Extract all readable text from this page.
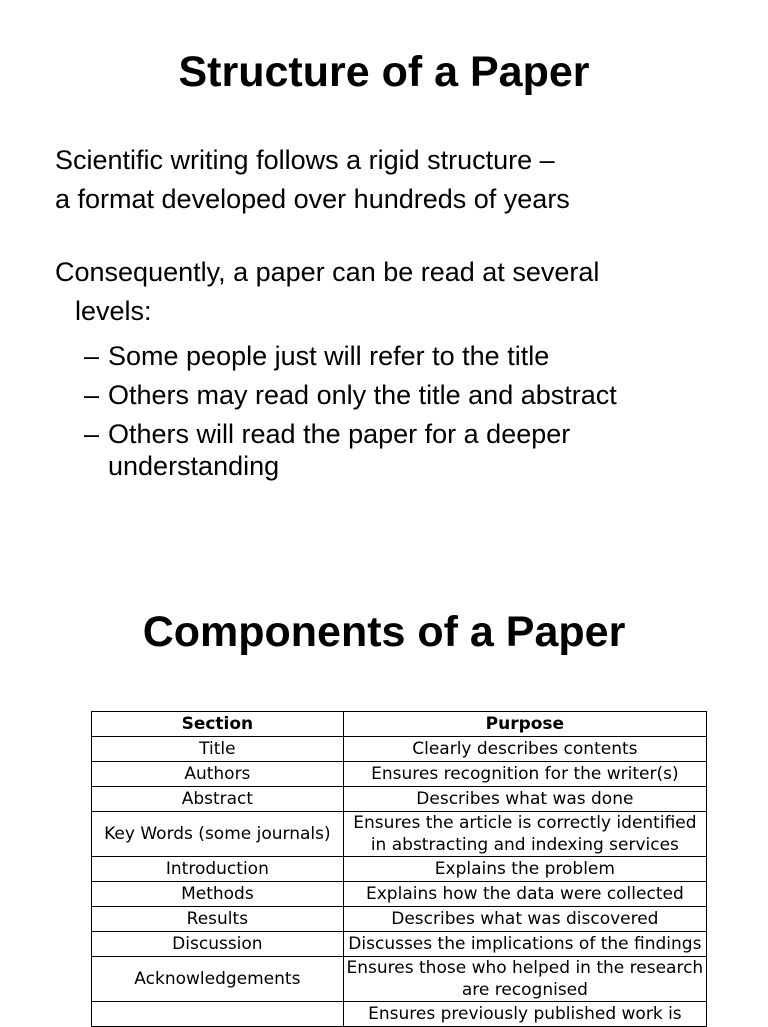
Structure of a Paper
Scientific writing follows a rigid structure –
a format developed over hundreds of years
Consequently, a paper can be read at several
levels:
– Some people just will refer to the title
– Others may read only the title and abstract
– Others will read the paper for a deeper understanding
Components of a Paper
Section	Purpose
Title	Clearly describes contents
Authors	Ensures recognition for the writer(s)
Abstract	Describes what was done
Key Words (some journals)	Ensures the article is correctly identified in abstracting and indexing services
Introduction	Explains the problem
Methods	Explains how the data were collected
Results	Describes what was discovered
Discussion	Discusses the implications of the findings
Acknowledgements	Ensures those who helped in the research are recognised
	Ensures previously published work is
